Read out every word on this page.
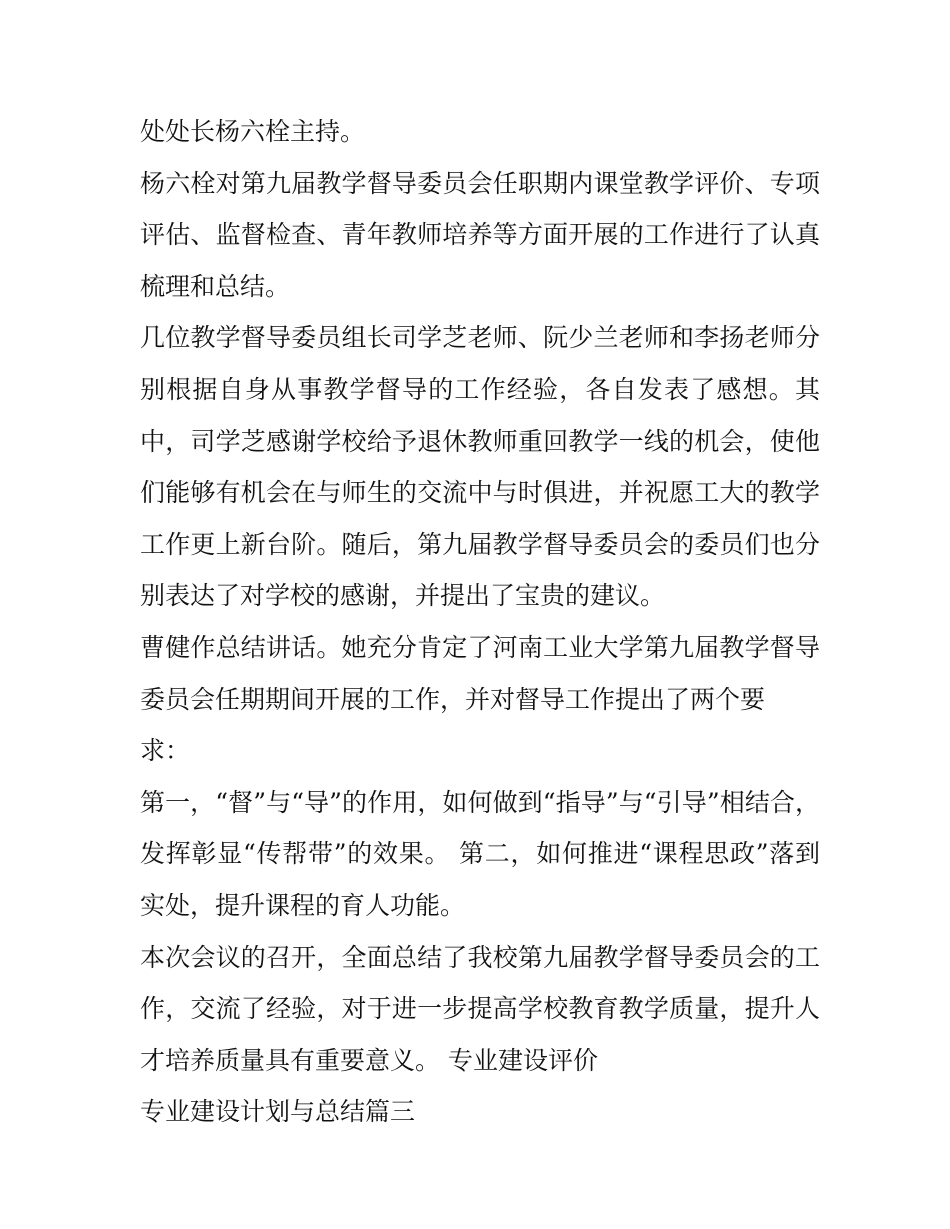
处处长杨六栓主持。

杨六栓对第九届教学督导委员会任职期内课堂教学评价、专项评估、监督检查、青年教师培养等方面开展的工作进行了认真梳理和总结。

几位教学督导委员组长司学芝老师、阮少兰老师和李扬老师分别根据自身从事教学督导的工作经验，各自发表了感想。其中，司学芝感谢学校给予退休教师重回教学一线的机会，使他们能够有机会在与师生的交流中与时俱进，并祝愿工大的教学工作更上新台阶。随后，第九届教学督导委员会的委员们也分别表达了对学校的感谢，并提出了宝贵的建议。

曹健作总结讲话。她充分肯定了河南工业大学第九届教学督导委员会任期期间开展的工作，并对督导工作提出了两个要

求：

第一，“督”与“导”的作用，如何做到“指导”与“引导”相结合，发挥彰显“传帮带”的效果。 第二，如何推进“课程思政”落到实处，提升课程的育人功能。

本次会议的召开，全面总结了我校第九届教学督导委员会的工作，交流了经验，对于进一步提高学校教育教学质量，提升人才培养质量具有重要意义。 专业建设评价

专业建设计划与总结篇三
